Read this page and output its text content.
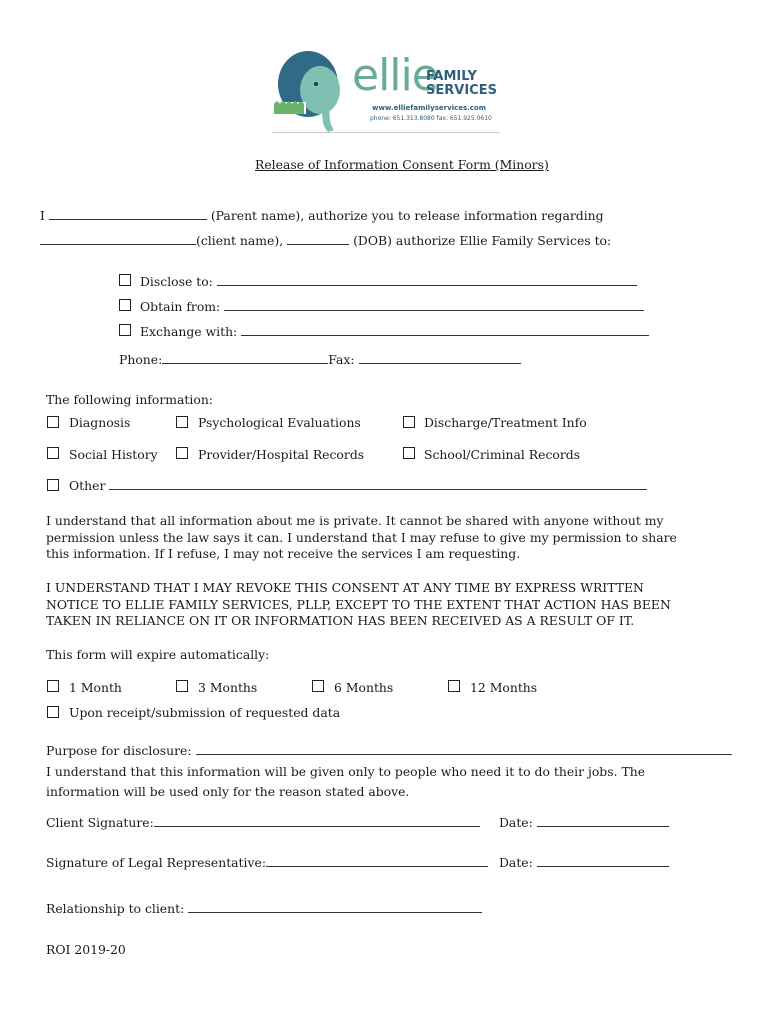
ellie
FAMILY
SERVICES
www.elliefamilyservices.com
phone: 651.313.8080 fax: 651.925.0610
Release of Information Consent Form (Minors)
I	(Parent name), authorize you to release information regarding
(client name),	(DOB) authorize Ellie Family Services to:
Disclose to:
Obtain from:
Exchange with:
Phone:	Fax:
The following information:
Diagnosis	Psychological Evaluations	Discharge/Treatment Info
Social History	Provider/Hospital Records	School/Criminal Records
Other
I understand that all information about me is private. It cannot be shared with anyone without my permission unless the law says it can. I understand that I may refuse to give my permission to share this information. If I refuse, I may not receive the services I am requesting.
I UNDERSTAND THAT I MAY REVOKE THIS CONSENT AT ANY TIME BY EXPRESS WRITTEN NOTICE TO ELLIE FAMILY SERVICES, PLLP, EXCEPT TO THE EXTENT THAT ACTION HAS BEEN TAKEN IN RELIANCE ON IT OR INFORMATION HAS BEEN RECEIVED AS A RESULT OF IT.
This form will expire automatically:
1 Month	3 Months	6 Months	12 Months
Upon receipt/submission of requested data
Purpose for disclosure:
I understand that this information will be given only to people who need it to do their jobs. The information will be used only for the reason stated above.
Client Signature:	Date:
Signature of Legal Representative:	Date:
Relationship to client:
ROI 2019-20
